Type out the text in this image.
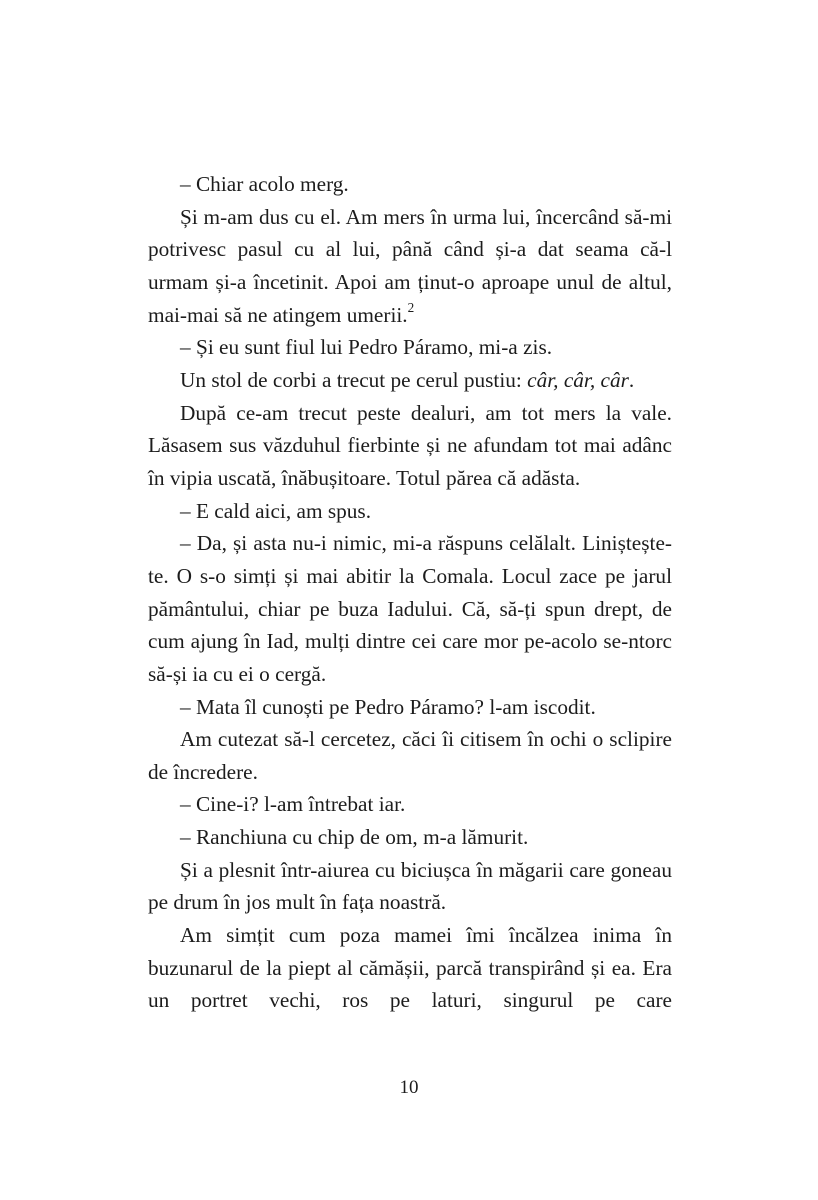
– Chiar acolo merg.

Și m-am dus cu el. Am mers în urma lui, încercând să-mi potrivesc pasul cu al lui, până când și-a dat seama că-l urmam și-a încetinit. Apoi am ținut-o aproape unul de altul, mai-mai să ne atingem umerii.$^2$

– Și eu sunt fiul lui Pedro Páramo, mi-a zis.

Un stol de corbi a trecut pe cerul pustiu: câr, câr, câr.

După ce-am trecut peste dealuri, am tot mers la vale. Lăsasem sus văzduhul fierbinte și ne afundam tot mai adânc în vipia uscată, înăbușitoare. Totul părea că adăsta.

– E cald aici, am spus.

– Da, și asta nu-i nimic, mi-a răspuns celălalt. Liniștește-te. O s-o simți și mai abitir la Comala. Locul zace pe jarul pământului, chiar pe buza Iadului. Că, să-ți spun drept, de cum ajung în Iad, mulți dintre cei care mor pe-acolo se-ntorc să-și ia cu ei o cergă.

– Mata îl cunoști pe Pedro Páramo? l-am iscodit.

Am cutezat să-l cercetez, căci îi citisem în ochi o sclipire de încredere.

– Cine-i? l-am întrebat iar.

– Ranchiuna cu chip de om, m-a lămurit.

Și a plesnit într-aiurea cu biciușca în măgarii care goneau pe drum în jos mult în fața noastră.

Am simțit cum poza mamei îmi încălzea inima în buzunarul de la piept al cămășii, parcă transpirând și ea. Era un portret vechi, ros pe laturi, singurul pe care

10
